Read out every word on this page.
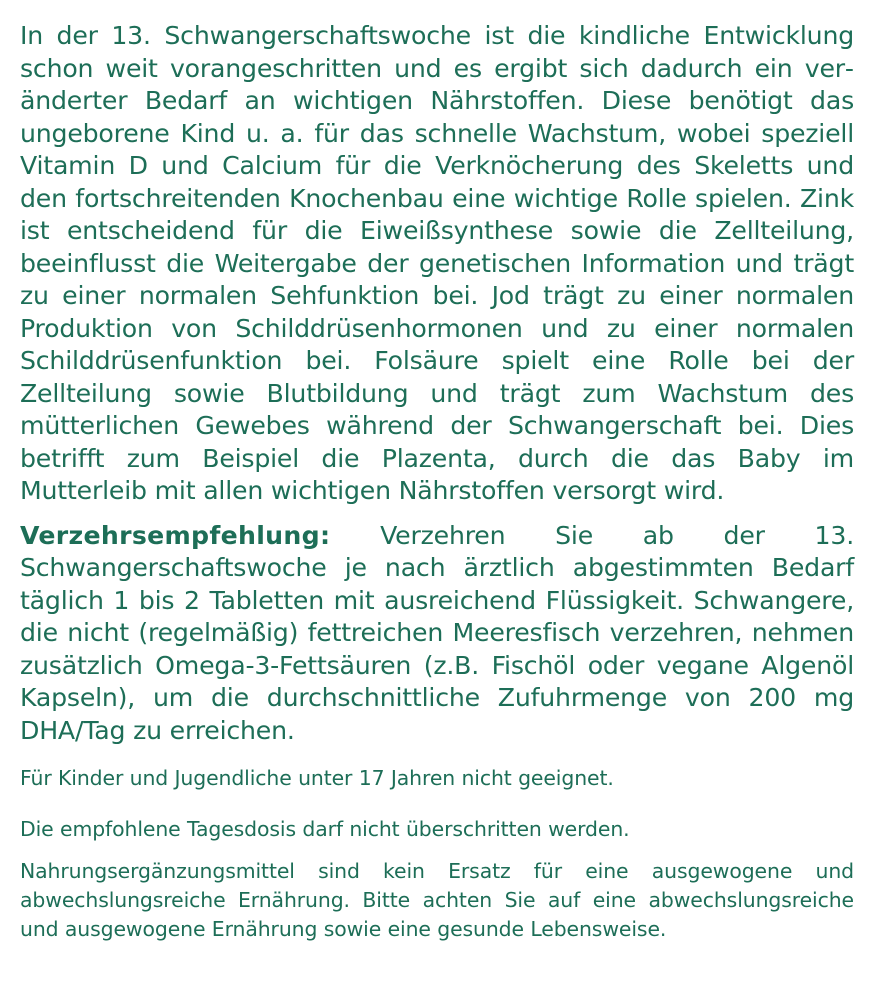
In der 13. Schwangerschaftswoche ist die kindliche Entwicklung schon weit vorangeschritten und es ergibt sich dadurch ein veränderter Bedarf an wichtigen Nährstoffen. Diese benötigt das ungeborene Kind u. a. für das schnelle Wachstum, wobei speziell Vitamin D und Calcium für die Verknöcherung des Skeletts und den fortschreitenden Knochenbau eine wichtige Rolle spielen. Zink ist entscheidend für die Eiweißsynthese sowie die Zellteilung, beeinflusst die Weitergabe der genetischen Information und trägt zu einer normalen Sehfunktion bei. Jod trägt zu einer normalen Produktion von Schilddrüsenhormonen und zu einer normalen Schilddrüsenfunktion bei. Folsäure spielt eine Rolle bei der Zellteilung sowie Blutbildung und trägt zum Wachstum des mütterlichen Gewebes während der Schwangerschaft bei. Dies betrifft zum Beispiel die Plazenta, durch die das Baby im Mutterleib mit allen wichtigen Nährstoffen versorgt wird.

Verzehrsempfehlung: Verzehren Sie ab der 13. Schwangerschaftswoche je nach ärztlich abgestimmten Bedarf täglich 1 bis 2 Tabletten mit ausreichend Flüssigkeit. Schwangere, die nicht (regelmäßig) fettreichen Meeresfisch verzehren, nehmen zusätzlich Omega-3-Fettsäuren (z.B. Fischöl oder vegane Algenöl Kapseln), um die durchschnittliche Zufuhrmenge von 200 mg DHA/Tag zu erreichen.

Für Kinder und Jugendliche unter 17 Jahren nicht geeignet.

Die empfohlene Tagesdosis darf nicht überschritten werden.

Nahrungsergänzungsmittel sind kein Ersatz für eine ausgewogene und abwechslungsreiche Ernährung. Bitte achten Sie auf eine abwechslungsreiche und ausgewogene Ernährung sowie eine gesunde Lebensweise.
